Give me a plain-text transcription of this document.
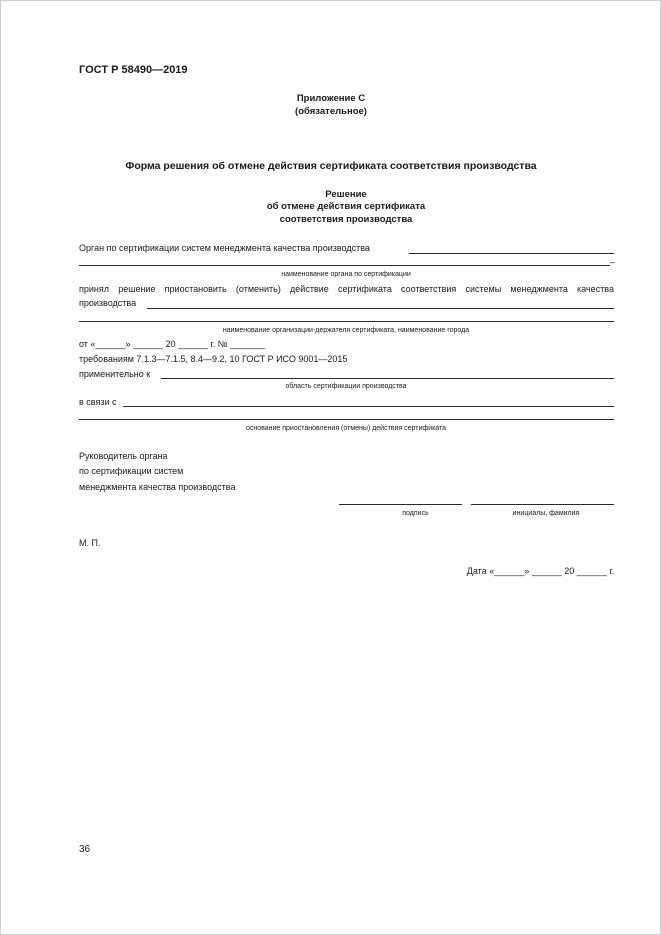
ГОСТ Р 58490—2019
Приложение С
(обязательное)
Форма решения об отмене действия сертификата соответствия производства
Решение
об отмене действия сертификата
соответствия производства
Орган по сертификации систем менеджмента качества производства
–
наименование органа по сертификации
принял решение приостановить (отменить) действие сертификата соответствия системы менеджмента качества
производства
наименование организации-держателя сертификата, наименование города
от «______» ______ 20 ______ г. № _______
требованиям 7.1.3—7.1.5, 8.4—9.2, 10 ГОСТ Р ИСО 9001—2015
применительно к
область сертификации производства
в связи с
основание приостановления (отмены) действия сертификата
Руководитель органа
по сертификации систем
менеджмента качества производства
подпись	инициалы, фамилия
М. П.
Дата «______» ______ 20 ______ г.
36
